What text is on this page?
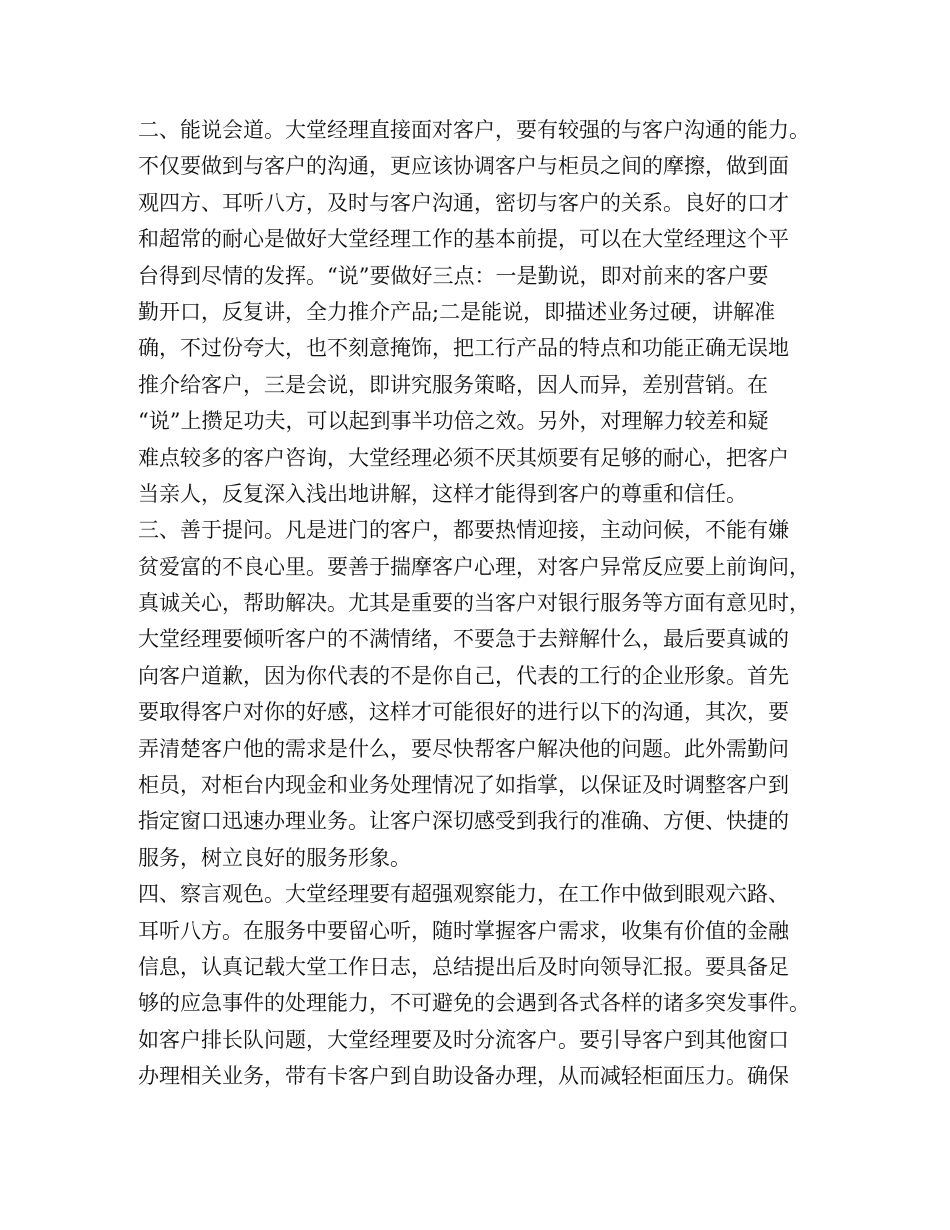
二、能说会道。大堂经理直接面对客户，要有较强的与客户沟通的能力。
不仅要做到与客户的沟通，更应该协调客户与柜员之间的摩擦，做到面
观四方、耳听八方，及时与客户沟通，密切与客户的关系。良好的口才
和超常的耐心是做好大堂经理工作的基本前提，可以在大堂经理这个平
台得到尽情的发挥。“说”要做好三点：一是勤说，即对前来的客户要
勤开口，反复讲，全力推介产品;二是能说，即描述业务过硬，讲解准
确，不过份夸大，也不刻意掩饰，把工行产品的特点和功能正确无误地
推介给客户，三是会说，即讲究服务策略，因人而异，差别营销。在
“说”上攒足功夫，可以起到事半功倍之效。另外，对理解力较差和疑
难点较多的客户咨询，大堂经理必须不厌其烦要有足够的耐心，把客户
当亲人，反复深入浅出地讲解，这样才能得到客户的尊重和信任。
三、善于提问。凡是进门的客户，都要热情迎接，主动问候，不能有嫌
贫爱富的不良心里。要善于揣摩客户心理，对客户异常反应要上前询问，
真诚关心，帮助解决。尤其是重要的当客户对银行服务等方面有意见时，
大堂经理要倾听客户的不满情绪，不要急于去辩解什么，最后要真诚的
向客户道歉，因为你代表的不是你自己，代表的工行的企业形象。首先
要取得客户对你的好感，这样才可能很好的进行以下的沟通，其次，要
弄清楚客户他的需求是什么，要尽快帮客户解决他的问题。此外需勤问
柜员，对柜台内现金和业务处理情况了如指掌，以保证及时调整客户到
指定窗口迅速办理业务。让客户深切感受到我行的准确、方便、快捷的
服务，树立良好的服务形象。
四、察言观色。大堂经理要有超强观察能力，在工作中做到眼观六路、
耳听八方。在服务中要留心听，随时掌握客户需求，收集有价值的金融
信息，认真记载大堂工作日志，总结提出后及时向领导汇报。要具备足
够的应急事件的处理能力，不可避免的会遇到各式各样的诸多突发事件。
如客户排长队问题，大堂经理要及时分流客户。要引导客户到其他窗口
办理相关业务，带有卡客户到自助设备办理，从而减轻柜面压力。确保
